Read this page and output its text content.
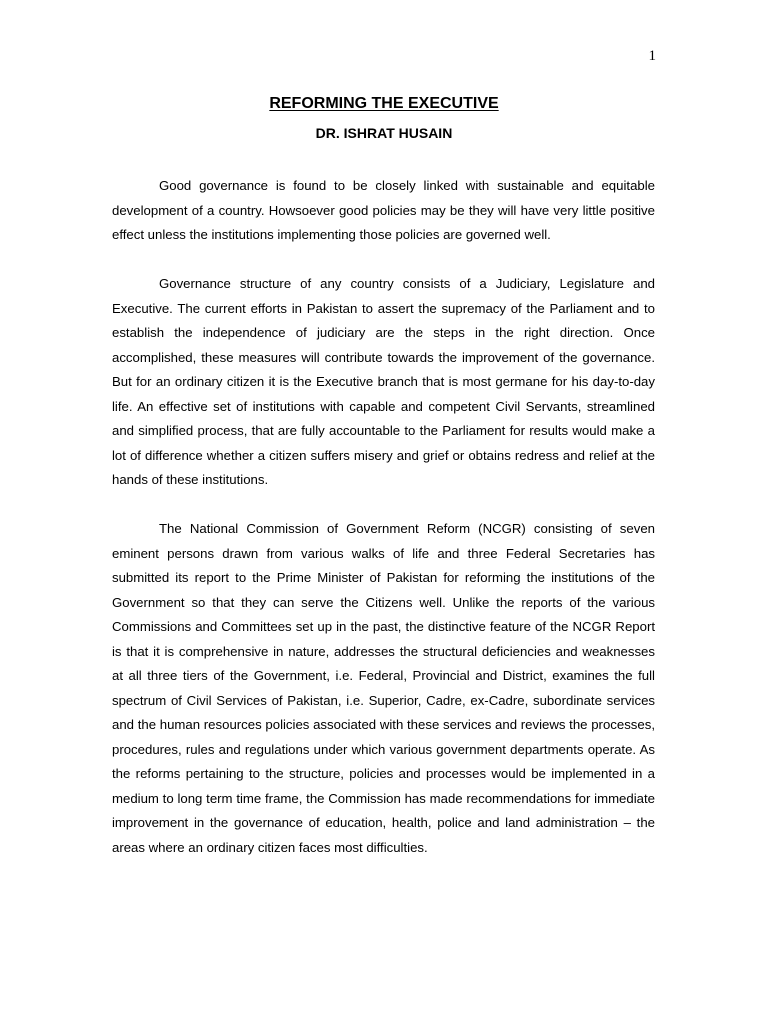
1
REFORMING THE EXECUTIVE
DR. ISHRAT HUSAIN

Good governance is found to be closely linked with sustainable and equitable development of a country. Howsoever good policies may be they will have very little positive effect unless the institutions implementing those policies are governed well.

Governance structure of any country consists of a Judiciary, Legislature and Executive. The current efforts in Pakistan to assert the supremacy of the Parliament and to establish the independence of judiciary are the steps in the right direction. Once accomplished, these measures will contribute towards the improvement of the governance. But for an ordinary citizen it is the Executive branch that is most germane for his day-to-day life. An effective set of institutions with capable and competent Civil Servants, streamlined and simplified process, that are fully accountable to the Parliament for results would make a lot of difference whether a citizen suffers misery and grief or obtains redress and relief at the hands of these institutions.

The National Commission of Government Reform (NCGR) consisting of seven eminent persons drawn from various walks of life and three Federal Secretaries has submitted its report to the Prime Minister of Pakistan for reforming the institutions of the Government so that they can serve the Citizens well. Unlike the reports of the various Commissions and Committees set up in the past, the distinctive feature of the NCGR Report is that it is comprehensive in nature, addresses the structural deficiencies and weaknesses at all three tiers of the Government, i.e. Federal, Provincial and District, examines the full spectrum of Civil Services of Pakistan, i.e. Superior, Cadre, ex-Cadre, subordinate services and the human resources policies associated with these services and reviews the processes, procedures, rules and regulations under which various government departments operate. As the reforms pertaining to the structure, policies and processes would be implemented in a medium to long term time frame, the Commission has made recommendations for immediate improvement in the governance of education, health, police and land administration – the areas where an ordinary citizen faces most difficulties.
